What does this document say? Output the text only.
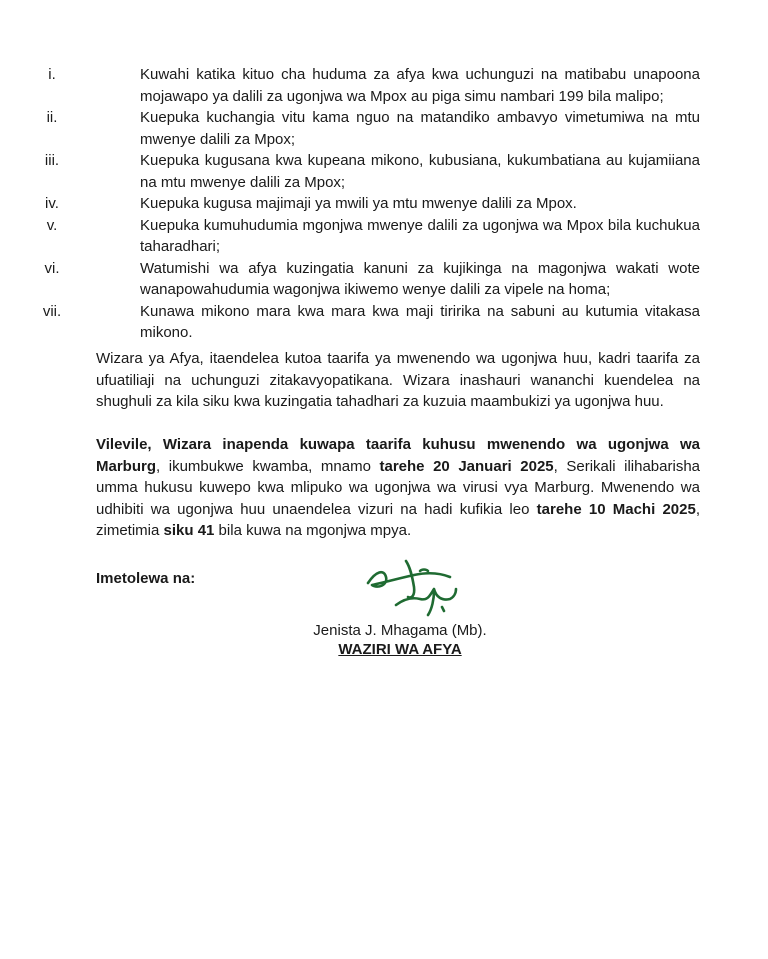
i.	Kuwahi katika kituo cha huduma za afya kwa uchunguzi na matibabu unapoona mojawapo ya dalili za ugonjwa wa Mpox au piga simu nambari 199 bila malipo;
ii.	Kuepuka kuchangia vitu kama nguo na matandiko ambavyo vimetumiwa na mtu mwenye dalili za Mpox;
iii.	Kuepuka kugusana kwa kupeana mikono, kubusiana, kukumbatiana au kujamiiana na mtu mwenye dalili za Mpox;
iv.	Kuepuka kugusa majimaji ya mwili ya mtu mwenye dalili za Mpox.
v.	Kuepuka kumuhudumia mgonjwa mwenye dalili za ugonjwa wa Mpox bila kuchukua taharadhari;
vi.	Watumishi wa afya kuzingatia kanuni za kujikinga na magonjwa wakati wote wanapowahudumia wagonjwa ikiwemo wenye dalili za vipele na homa;
vii.	Kunawa mikono mara kwa mara kwa maji tiririka na sabuni au kutumia vitakasa mikono.

Wizara ya Afya, itaendelea kutoa taarifa ya mwenendo wa ugonjwa huu, kadri taarifa za ufuatiliaji na uchunguzi zitakavyopatikana. Wizara inashauri wananchi kuendelea na shughuli za kila siku kwa kuzingatia tahadhari za kuzuia maambukizi ya ugonjwa huu.

Vilevile, Wizara inapenda kuwapa taarifa kuhusu mwenendo wa ugonjwa wa Marburg, ikumbukwe kwamba, mnamo tarehe 20 Januari 2025, Serikali ilihabarisha umma hukusu kuwepo kwa mlipuko wa ugonjwa wa virusi vya Marburg. Mwenendo wa udhibiti wa ugonjwa huu unaendelea vizuri na hadi kufikia leo tarehe 10 Machi 2025, zimetimia siku 41 bila kuwa na mgonjwa mpya.

Imetolewa na:
Jenista J. Mhagama (Mb).
WAZIRI WA AFYA
